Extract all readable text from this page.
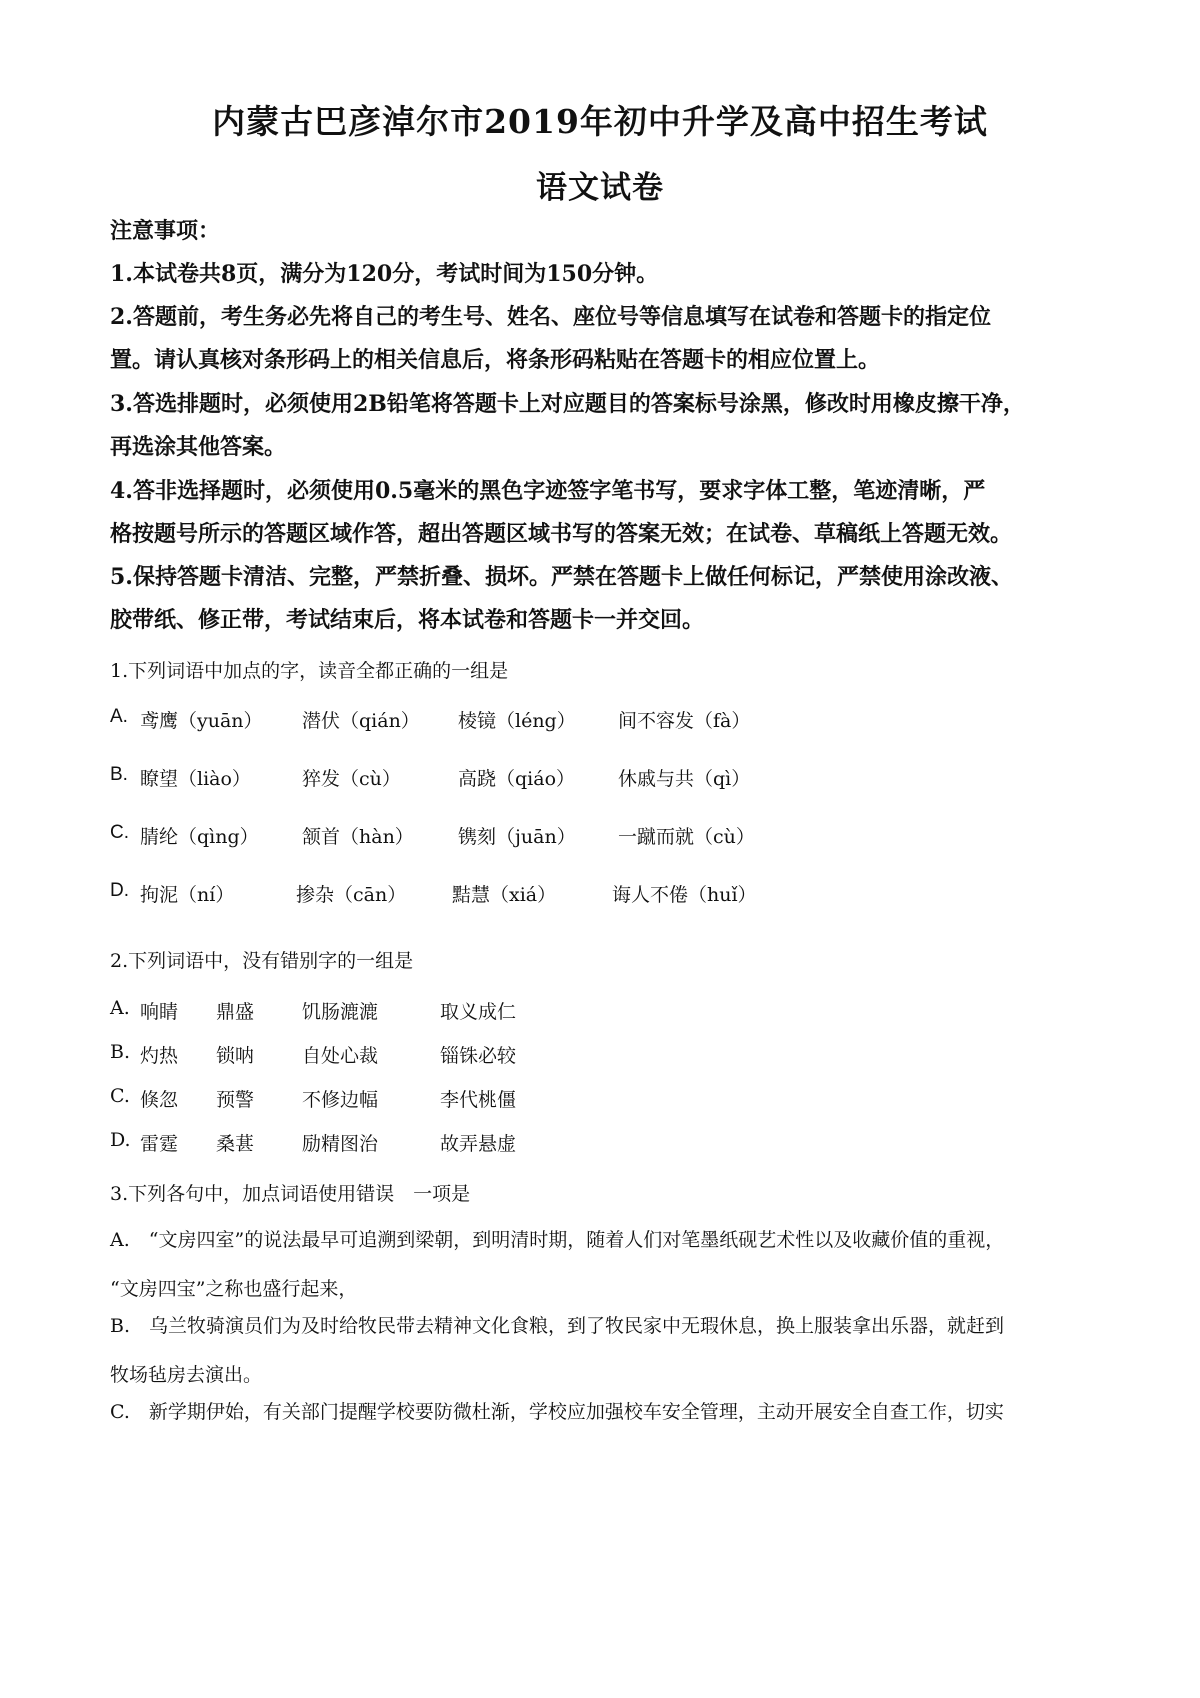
内蒙古巴彦淖尔市2019年初中升学及高中招生考试
语文试卷
注意事项：
1.本试卷共8页，满分为120分，考试时间为150分钟。
2.答题前，考生务必先将自己的考生号、姓名、座位号等信息填写在试卷和答题卡的指定位
置。请认真核对条形码上的相关信息后，将条形码粘贴在答题卡的相应位置上。
3.答选排题时，必须使用2B铅笔将答题卡上对应题目的答案标号涂黑，修改时用橡皮擦干净，
再选涂其他答案。
4.答非选择题时，必须使用0.5毫米的黑色字迹签字笔书写，要求字体工整，笔迹清晰，严
格按题号所示的答题区域作答，超出答题区域书写的答案无效；在试卷、草稿纸上答题无效。
5.保持答题卡清洁、完整，严禁折叠、损坏。严禁在答题卡上做任何标记，严禁使用涂改液、
胶带纸、修正带，考试结束后，将本试卷和答题卡一并交回。
1.下列词语中加点的字，读音全都正确的一组是
A. 鸢鹰（yuān） 潜伏（qián） 棱镜（léng） 间不容发（fà）
B. 瞭望（liào）	猝发（cù）	高跷（qiáo） 休戚与共（qì）
C. 腈纶（qìng） 颔首（hàn） 镌刻（juān） 一蹴而就（cù）
D. 拘泥（ní）	掺杂（cān） 黠慧（xiá）	诲人不倦（huǐ）
2.下列词语中，没有错别字的一组是
A. 响睛 鼎盛	饥肠漉漉	取义成仁
B. 灼热 锁呐	自处心裁	锱铢必较
C. 倏忽 预警	不修边幅	李代桃僵
D. 雷霆 桑葚	励精图治	故弄悬虚
3.下列各句中，加点词语使用错误　一项是
A.　“文房四室”的说法最早可追溯到梁朝，到明清时期，随着人们对笔墨纸砚艺术性以及收藏价值的重视，
“文房四宝”之称也盛行起来，
B.　乌兰牧骑演员们为及时给牧民带去精神文化食粮，到了牧民家中无瑕休息，换上服装拿出乐器，就赶到
牧场毡房去演出。
C.　新学期伊始，有关部门提醒学校要防微杜渐，学校应加强校车安全管理，主动开展安全自查工作，切实
